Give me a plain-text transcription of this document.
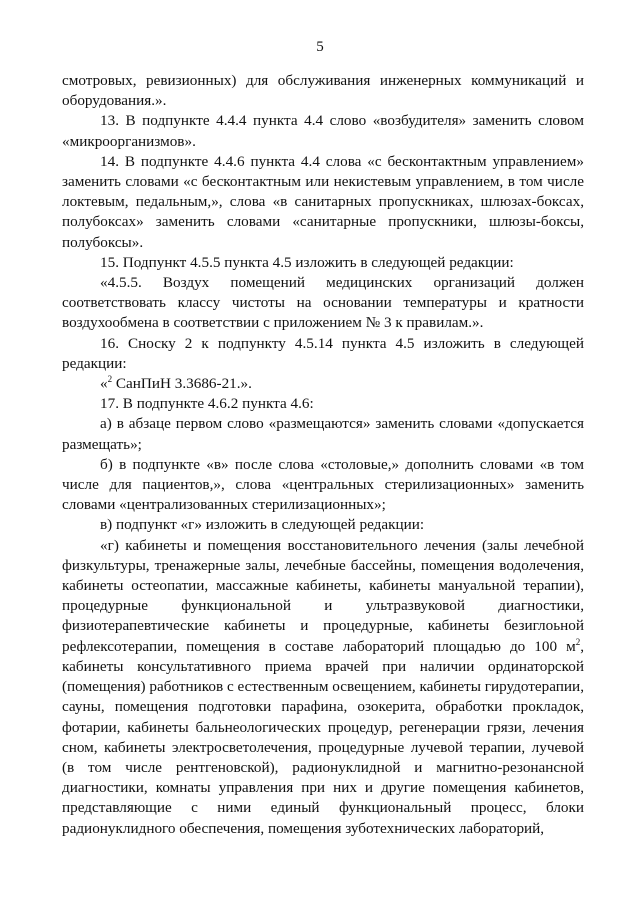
5

смотровых, ревизионных) для обслуживания инженерных коммуникаций и оборудования.».

13. В подпункте 4.4.4 пункта 4.4 слово «возбудителя» заменить словом «микроорганизмов».

14. В подпункте 4.4.6 пункта 4.4 слова «с бесконтактным управлением» заменить словами «с бесконтактным или некистевым управлением, в том числе локтевым, педальным,», слова «в санитарных пропускниках, шлюзах-боксах, полубоксах» заменить словами «санитарные пропускники, шлюзы-боксы, полубоксы».

15. Подпункт 4.5.5 пункта 4.5 изложить в следующей редакции:

«4.5.5. Воздух помещений медицинских организаций должен соответствовать классу чистоты на основании температуры и кратности воздухообмена в соответствии с приложением № 3 к правилам.».

16. Сноску 2 к подпункту 4.5.14 пункта 4.5 изложить в следующей редакции:

«$^2$ СанПиН 3.3686-21.».

17. В подпункте 4.6.2 пункта 4.6:

а) в абзаце первом слово «размещаются» заменить словами «допускается размещать»;

б) в подпункте «в» после слова «столовые,» дополнить словами «в том числе для пациентов,», слова «центральных стерилизационных» заменить словами «централизованных стерилизационных»;

в) подпункт «г» изложить в следующей редакции:

«г) кабинеты и помещения восстановительного лечения (залы лечебной физкультуры, тренажерные залы, лечебные бассейны, помещения водолечения, кабинеты остеопатии, массажные кабинеты, кабинеты мануальной терапии), процедурные функциональной и ультразвуковой диагностики, физиотерапевтические кабинеты и процедурные, кабинеты безиглоьной рефлексотерапии, помещения в составе лабораторий площадью до 100 $м^2$, кабинеты консультативного приема врачей при наличии ординаторской (помещения) работников с естественным освещением, кабинеты гирудотерапии, сауны, помещения подготовки парафина, озокерита, обработки прокладок, фотарии, кабинеты бальнеологических процедур, регенерации грязи, лечения сном, кабинеты электросветолечения, процедурные лучевой терапии, лучевой (в том числе рентгеновской), радионуклидной и магнитно-резонансной диагностики, комнаты управления при них и другие помещения кабинетов, представляющие с ними единый функциональный процесс, блоки радионуклидного обеспечения, помещения зуботехнических лабораторий,
